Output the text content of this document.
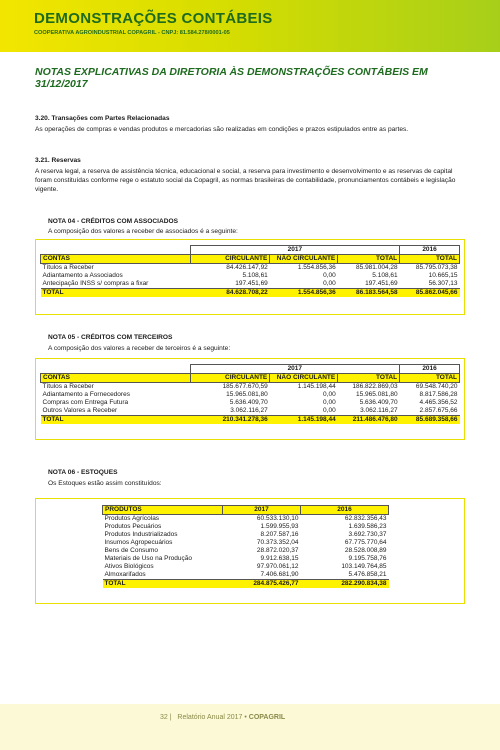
DEMONSTRAÇÕES CONTÁBEIS
COOPERATIVA AGROINDUSTRIAL COPAGRIL - CNPJ: 81.584.278/0001-05
NOTAS EXPLICATIVAS DA DIRETORIA ÀS DEMONSTRAÇÕES CONTÁBEIS EM 31/12/2017
3.20. Transações com Partes Relacionadas

As operações de compras e vendas produtos e mercadorias são realizadas em condições e prazos estipulados entre as partes.

3.21. Reservas

A reserva legal, a reserva de assistência técnica, educacional e social, a reserva para investimento e desenvolvimento e as reservas de capital foram constituídas conforme rege o estatuto social da Copagril, as normas brasileiras de contabilidade, pronunciamentos contábeis e legislação vigente.

NOTA 04 - CRÉDITOS COM ASSOCIADOS
A composição dos valores a receber de associados é a seguinte:
	2017			2016
CONTAS	CIRCULANTE	NÃO CIRCULANTE	TOTAL	TOTAL
Títulos a Receber	84.426.147,92	1.554.856,36	85.981.004,28	85.795.073,38
Adiantamento a Associados	5.108,61	0,00	5.108,61	10.665,15
Antecipação INSS s/ compras a fixar	197.451,69	0,00	197.451,69	56.307,13
TOTAL	84.628.708,22	1.554.856,36	86.183.564,58	85.862.045,66
NOTA 05 - CRÉDITOS COM TERCEIROS
A composição dos valores a receber de terceiros é a seguinte:
	2017			2016
CONTAS	CIRCULANTE	NÃO CIRCULANTE	TOTAL	TOTAL
Títulos a Receber	185.677.670,59	1.145.198,44	186.822.869,03	69.548.740,20
Adiantamento a Fornecedores	15.965.081,80	0,00	15.965.081,80	8.817.586,28
Compras com Entrega Futura	5.636.409,70	0,00	5.636.409,70	4.465.356,52
Outros Valores a Receber	3.062.116,27	0,00	3.062.116,27	2.857.675,66
TOTAL	210.341.278,36	1.145.198,44	211.486.476,80	85.689.358,66
NOTA 06 - ESTOQUES
Os Estoques estão assim constituídos:
PRODUTOS	2017	2016
Produtos Agrícolas	60.533.130,10	62.832.356,43
Produtos Pecuários	1.599.955,93	1.639.586,23
Produtos Industrializados	8.207.587,16	3.692.730,37
Insumos Agropecuários	70.373.352,04	67.775.770,64
Bens de Consumo	28.872.020,37	28.528.008,89
Materiais de Uso na Produção	9.912.638,15	9.195.758,76
Ativos Biológicos	97.970.061,12	103.149.764,85
Almoxarifados	7.406.681,90	5.476.858,21
TOTAL	284.875.426,77	282.290.834,38
32 | Relatório Anual 2017 • COPAGRIL
